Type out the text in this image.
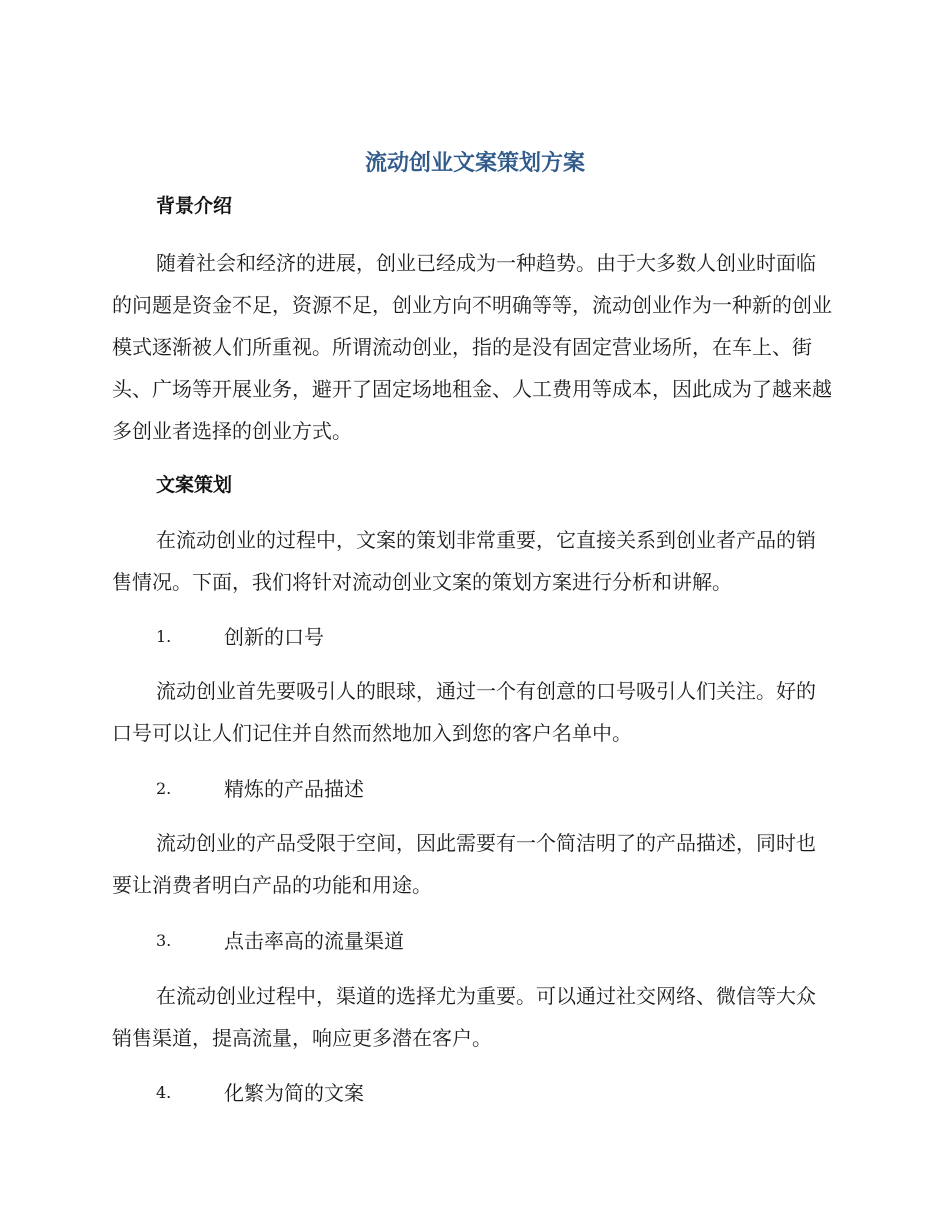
流动创业文案策划方案
背景介绍
随着社会和经济的进展，创业已经成为一种趋势。由于大多数人创业时面临的问题是资金不足，资源不足，创业方向不明确等等，流动创业作为一种新的创业模式逐渐被人们所重视。所谓流动创业，指的是没有固定营业场所，在车上、街头、广场等开展业务，避开了固定场地租金、人工费用等成本，因此成为了越来越多创业者选择的创业方式。
文案策划
在流动创业的过程中，文案的策划非常重要，它直接关系到创业者产品的销售情况。下面，我们将针对流动创业文案的策划方案进行分析和讲解。
1.	创新的口号
流动创业首先要吸引人的眼球，通过一个有创意的口号吸引人们关注。好的口号可以让人们记住并自然而然地加入到您的客户名单中。
2.	精炼的产品描述
流动创业的产品受限于空间，因此需要有一个简洁明了的产品描述，同时也要让消费者明白产品的功能和用途。
3.	点击率高的流量渠道
在流动创业过程中，渠道的选择尤为重要。可以通过社交网络、微信等大众销售渠道，提高流量，响应更多潜在客户。
4.	化繁为简的文案
